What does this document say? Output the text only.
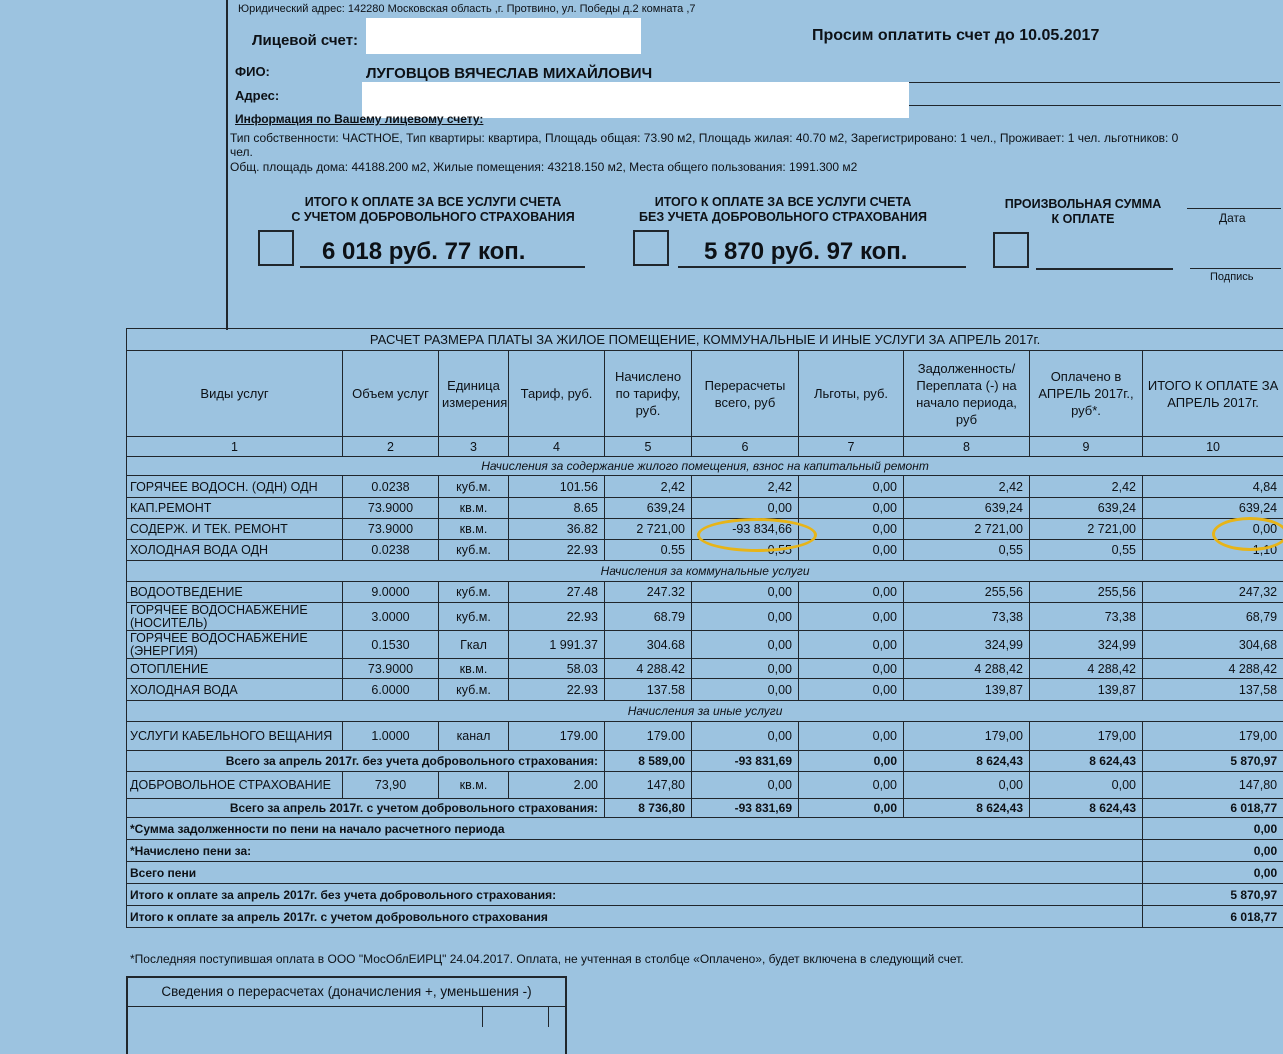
Юридический адрес: 142280 Московская область ,г. Протвино, ул. Победы д.2 комната ,7
Лицевой счет:	Просим оплатить счет до 10.05.2017
ФИО:	ЛУГОВЦОВ ВЯЧЕСЛАВ МИХАЙЛОВИЧ
Адрес:
Информация по Вашему лицевому счету:
Тип собственности: ЧАСТНОЕ, Тип квартиры: квартира, Площадь общая: 73.90 м2, Площадь жилая: 40.70 м2, Зарегистрировано: 1 чел., Проживает: 1 чел. льготников: 0
чел.
Общ. площадь дома: 44188.200 м2, Жилые помещения: 43218.150 м2, Места общего пользования: 1991.300 м2
ИТОГО К ОПЛАТЕ ЗА ВСЕ УСЛУГИ СЧЕТА
С УЧЕТОМ ДОБРОВОЛЬНОГО СТРАХОВАНИЯ
6 018 руб. 77 коп.
ИТОГО К ОПЛАТЕ ЗА ВСЕ УСЛУГИ СЧЕТА
БЕЗ УЧЕТА ДОБРОВОЛЬНОГО СТРАХОВАНИЯ
5 870 руб. 97 коп.
ПРОИЗВОЛЬНАЯ СУММА
К ОПЛАТЕ	Дата
Подпись
РАСЧЕТ РАЗМЕРА ПЛАТЫ ЗА ЖИЛОЕ ПОМЕЩЕНИЕ, КОММУНАЛЬНЫЕ И ИНЫЕ УСЛУГИ ЗА АПРЕЛЬ 2017г.									
Виды услуг	Объем услуг	Единица измерения	Тариф, руб.	Начислено по тарифу, руб.	Перерасчеты всего, руб	Льготы, руб.	Задолженность/ Переплата (-) на начало периода, руб	Оплачено в АПРЕЛЬ 2017г., руб*.	ИТОГО К ОПЛАТЕ ЗА АПРЕЛЬ 2017г.
1	2	3	4	5	6	7	8	9	10
Начисления за содержание жилого помещения, взнос на капитальный ремонт									
ГОРЯЧЕЕ ВОДОСН. (ОДН) ОДН	0.0238	куб.м.	101.56	2,42	2,42	0,00	2,42	2,42	4,84
КАП.РЕМОНТ	73.9000	кв.м.	8.65	639,24	0,00	0,00	639,24	639,24	639,24
СОДЕРЖ. И ТЕК. РЕМОНТ	73.9000	кв.м.	36.82	2 721,00	-93 834,66	0,00	2 721,00	2 721,00	0,00
ХОЛОДНАЯ ВОДА ОДН	0.0238	куб.м.	22.93	0.55	0,55	0,00	0,55	0,55	1,10
Начисления за коммунальные услуги									
ВОДООТВЕДЕНИЕ	9.0000	куб.м.	27.48	247.32	0,00	0,00	255,56	255,56	247,32
ГОРЯЧЕЕ ВОДОСНАБЖЕНИЕ (НОСИТЕЛЬ)	3.0000	куб.м.	22.93	68.79	0,00	0,00	73,38	73,38	68,79
ГОРЯЧЕЕ ВОДОСНАБЖЕНИЕ (ЭНЕРГИЯ)	0.1530	Гкал	1 991.37	304.68	0,00	0,00	324,99	324,99	304,68
ОТОПЛЕНИЕ	73.9000	кв.м.	58.03	4 288.42	0,00	0,00	4 288,42	4 288,42	4 288,42
ХОЛОДНАЯ ВОДА	6.0000	куб.м.	22.93	137.58	0,00	0,00	139,87	139,87	137,58
Начисления за иные услуги									
УСЛУГИ КАБЕЛЬНОГО ВЕЩАНИЯ	1.0000	канал	179.00	179.00	0,00	0,00	179,00	179,00	179,00
Всего за апрель 2017г. без учета добровольного страхования:				8 589,00	-93 831,69	0,00	8 624,43	8 624,43	5 870,97
ДОБРОВОЛЬНОЕ СТРАХОВАНИЕ	73,90	кв.м.	2.00	147,80	0,00	0,00	0,00	0,00	147,80
Всего за апрель 2017г. с учетом добровольного страхования:				8 736,80	-93 831,69	0,00	8 624,43	8 624,43	6 018,77
*Сумма задолженности по пени на начало расчетного периода									0,00
*Начислено пени за:									0,00
Всего пени									0,00
Итого к оплате за апрель 2017г. без учета добровольного страхования:									5 870,97
Итого к оплате за апрель 2017г. с учетом добровольного страхования									6 018,77
*Последняя поступившая оплата в ООО "МосОблЕИРЦ" 24.04.2017. Оплата, не учтенная в столбце «Оплачено», будет включена в следующий счет.
Сведения о перерасчетах (доначисления +, уменьшения -)
